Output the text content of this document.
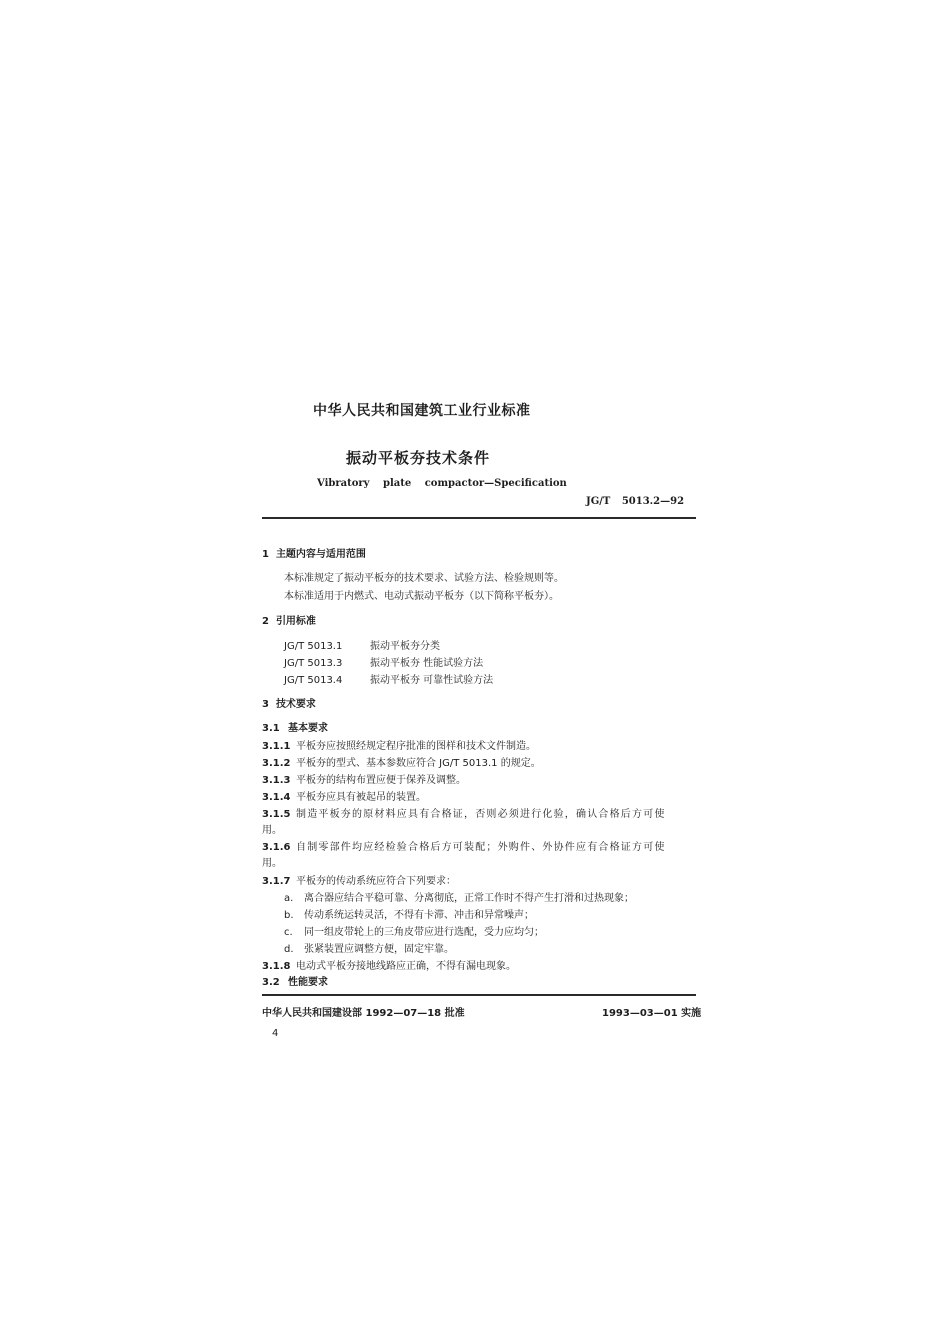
中华人民共和国建筑工业行业标准
振动平板夯技术条件
Vibratory plate compactor—Specification
JG/T 5013.2—92
1 主题内容与适用范围
本标准规定了振动平板夯的技术要求、试验方法、检验规则等。
本标准适用于内燃式、电动式振动平板夯（以下简称平板夯）。
2 引用标准
JG/T 5013.1	振动平板夯分类
JG/T 5013.3	振动平板夯 性能试验方法
JG/T 5013.4	振动平板夯 可靠性试验方法
3 技术要求
3.1 基本要求
3.1.1 平板夯应按照经规定程序批准的图样和技术文件制造。
3.1.2 平板夯的型式、基本参数应符合 JG/T 5013.1 的规定。
3.1.3 平板夯的结构布置应便于保养及调整。
3.1.4 平板夯应具有被起吊的装置。
3.1.5 制造平板夯的原材料应具有合格证，否则必须进行化验，确认合格后方可使
用。
3.1.6 自制零部件均应经检验合格后方可装配；外购件、外协件应有合格证方可使
用。
3.1.7 平板夯的传动系统应符合下列要求：
a. 离合器应结合平稳可靠、分离彻底，正常工作时不得产生打滑和过热现象；
b. 传动系统运转灵活，不得有卡滞、冲击和异常噪声；
c. 同一组皮带轮上的三角皮带应进行选配，受力应均匀；
d. 张紧装置应调整方便，固定牢靠。
3.1.8 电动式平板夯接地线路应正确，不得有漏电现象。
3.2 性能要求
中华人民共和国建设部 1992—07—18 批准	1993—03—01 实施
4
